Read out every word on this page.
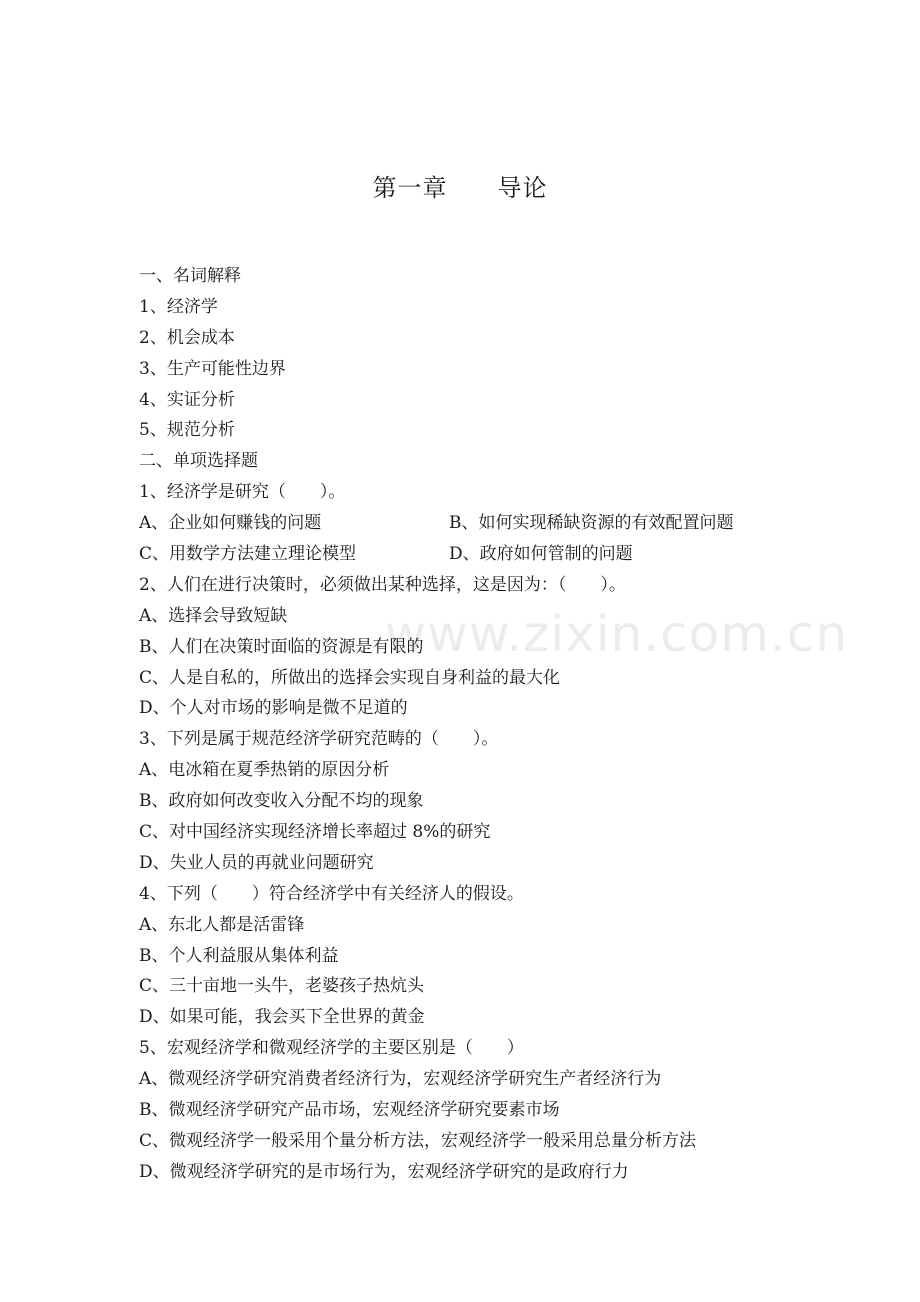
第一章 导论
www.zixin.com.cn
一、名词解释
1、经济学
2、机会成本
3、生产可能性边界
4、实证分析
5、规范分析
二、单项选择题
1、经济学是研究（　　）。
A、企业如何赚钱的问题	B、如何实现稀缺资源的有效配置问题
C、用数学方法建立理论模型	D、政府如何管制的问题
2、人们在进行决策时，必须做出某种选择，这是因为：（　　）。
A、选择会导致短缺
B、人们在决策时面临的资源是有限的
C、人是自私的，所做出的选择会实现自身利益的最大化
D、个人对市场的影响是微不足道的
3、下列是属于规范经济学研究范畴的（　　）。
A、电冰箱在夏季热销的原因分析
B、政府如何改变收入分配不均的现象
C、对中国经济实现经济增长率超过 8%的研究
D、失业人员的再就业问题研究
4、下列（　　）符合经济学中有关经济人的假设。
A、东北人都是活雷锋
B、个人利益服从集体利益
C、三十亩地一头牛，老婆孩子热炕头
D、如果可能，我会买下全世界的黄金
5、宏观经济学和微观经济学的主要区别是（　　）
A、微观经济学研究消费者经济行为，宏观经济学研究生产者经济行为
B、微观经济学研究产品市场，宏观经济学研究要素市场
C、微观经济学一般采用个量分析方法，宏观经济学一般采用总量分析方法
D、微观经济学研究的是市场行为，宏观经济学研究的是政府行力
